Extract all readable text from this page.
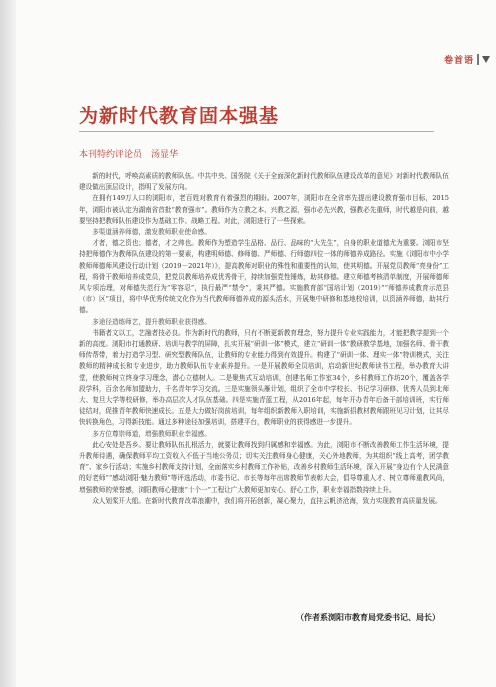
卷首语
为新时代教育固本强基
本刊特约评论员　汤显华

新的时代，呼唤高素质的教师队伍。中共中央、国务院《关于全面深化新时代教师队伍建设改革的意见》对新时代教师队伍建设做出顶层设计，指明了发展方向。

在拥有149万人口的浏阳市，老百姓对教育有着强烈的期盼。2007年，浏阳市在全省率先提出建设教育强市目标，2015年，浏阳市被认定为湖南省首批“教育强市”。教师作为立教之本、兴教之源，强市必先兴教，强教必先重师，时代越是向前，越要坚持把教师队伍建设作为基础工作、战略工程。对此，浏阳进行了一些探索。

多渠道涵养师德，激发教师职业使命感。

才者，德之资也；德者，才之帅也。教师作为塑造学生品格、品行、品味的“大先生”，自身的职业道德尤为重要。浏阳市坚持把师德作为教师队伍建设的第一要素，构建明师德、修师德、严师德、行师德四位一体的师德养成路径。实施《浏阳市中小学教师师德师风建设行动计划（2019－2021年）》，提高教师对职业的殊性和重要性的认知，使其明德。开展党员教师“亮身份”工程，将骨干教师培养成党员，把党员教师培养成优秀骨干，持续加强党性锤炼，助其修德。建立师德考核清单制度，开展师德师风专项治理，对师德失范行为“零容忍”，执行最严“禁令”，秉其严德。实施教育部“国培计划（2019）”“师德养成教育示范县（市）区”项目，将中华优秀传统文化作为当代教师师德养成的源头活水，开展集中研修和基地校培训，以资涵养师德，助其行德。

多途径造练师艺，提升教师职业获得感。

书籍者文以工，艺融者技必良。作为新时代的教师，只有不断更新教育理念，努力提升专业实践能力，才能把教学提到一个新的高度。浏阳市打通教研、培训与教学的屏障，扎实开展“研训一体”模式，建立“研训一体”教研教学基地，加强名师、骨干教师传帮带，着力打造学习型、研究型教师队伍，让教师的专业能力得到有效提升。构建了“研训一体、理实一体”特训模式，关注教师的精神成长和专业进步，助力教师队伍专业素养提升。一是开展教师全员培训，启动新世纪教师读书工程，举办教育大讲堂，使教师树立终身学习理念，潜心立德树人。二是聚焦式互动培训，创建名师工作室34个，乡村教师工作坊20个，覆盖各学段学科，百余名师加盟助力，千名青年学习交流。三是实施领头雁计划，组织了全市中学校长、书记学习研修、优秀人员到北师大、复旦大学等校研修，举办高层次人才队伍基础。四是实施青蓝工程，从2016年起，每年开办青年后备干部培训班，实行师徒结对，促推青年教师快速成长。五是大力做好岗前培训，每年组织新教师入职培训，实施新招教材教师跟班见习计划，让其尽快转换角色，习得新技能。通过多种途径加强培训，搭建平台，教师职业的获得感进一步提升。

多方位尊崇师道，增强教师职业幸福感。

此心安处是吾乡。要让教师队伍扎根活力，就要让教师找到归属感和幸福感。为此，浏阳市不断改善教师工作生活环境，提升教师待遇，确保教师平均工资收入不低于当地公务员；切实关注教师身心健康，关心外地教师，为其组织“线上高考，团学教育”、家乡行活动；实施乡村教师支持计划，全面落实乡村教师工作补贴，改善乡村教师生活环境，深入开展“身边有个人民满意的好老师”“感动浏阳·魅力教师”等评选活动，市委书记、市长等每年出席教师节表彰大会，倡导尊重人才、树立尊师重教风尚，增强教师的荣誉感，浏阳教师心健康“十个一”工程让广大教师更加安心、舒心工作，职业幸福指数持续上升。

众人划桨开大船。在新时代教育改革浪潮中，我们将开拓创新，凝心聚力，直挂云帆济沧海，致力实现教育高质量发展。

（作者系浏阳市教育局党委书记、局长）
